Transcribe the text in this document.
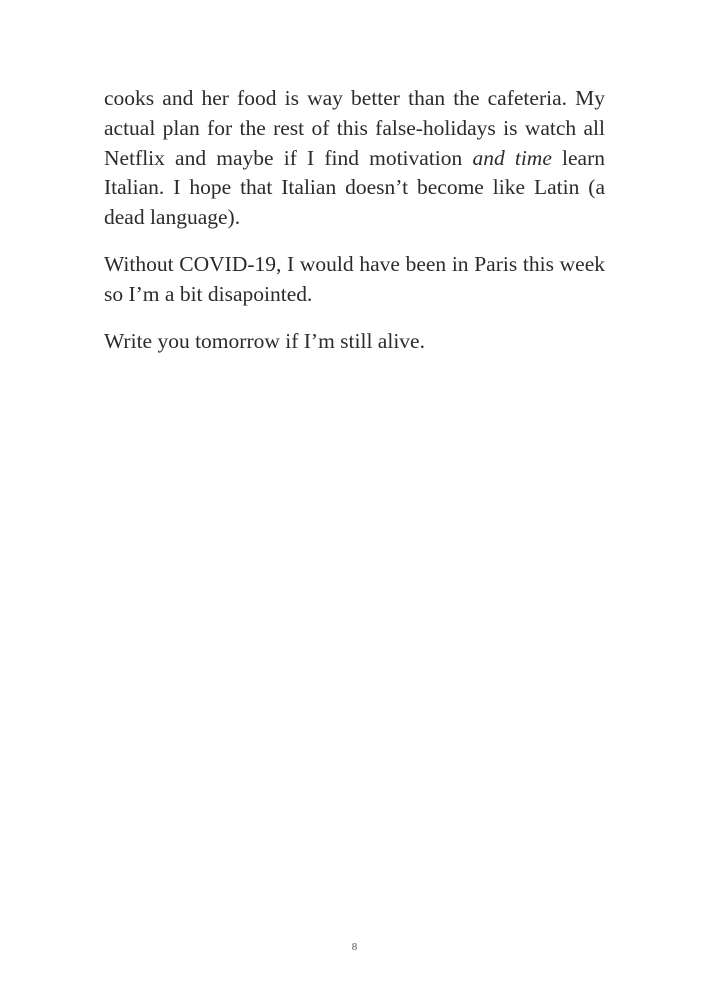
cooks and her food is way better than the cafeteria. My actual plan for the rest of this false-holidays is watch all Netflix and maybe if I find motivation and time learn Italian. I hope that Italian doesn’t become like Latin (a dead language).

Without COVID-19, I would have been in Paris this week so I’m a bit disapointed.

Write you tomorrow if I’m still alive.

8
